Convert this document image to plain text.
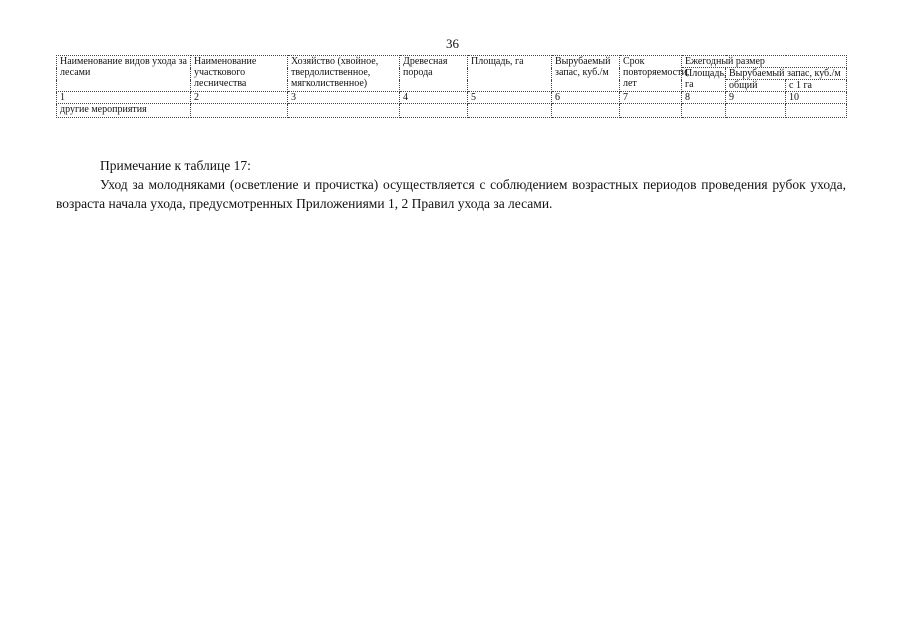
36
Наименование видов ухода за лесами	Наименование участкового лесничества	Хозяйство (хвойное, твердолиственное, мягколиственное)	Древесная порода	Площадь, га	Вырубаемый запас, куб./м	Срок повторяемости, лет	Ежегодный размер		
							Площадь, га	Вырубаемый запас, куб./м	
								общий	с 1 га
1	2	3	4	5	6	7	8	9	10
другие мероприятия									

Примечание к таблице 17:

Уход за молодняками (осветление и прочистка) осуществляется с соблюдением возрастных периодов проведения рубок ухода, возраста начала ухода, предусмотренных Приложениями 1, 2 Правил ухода за лесами.
